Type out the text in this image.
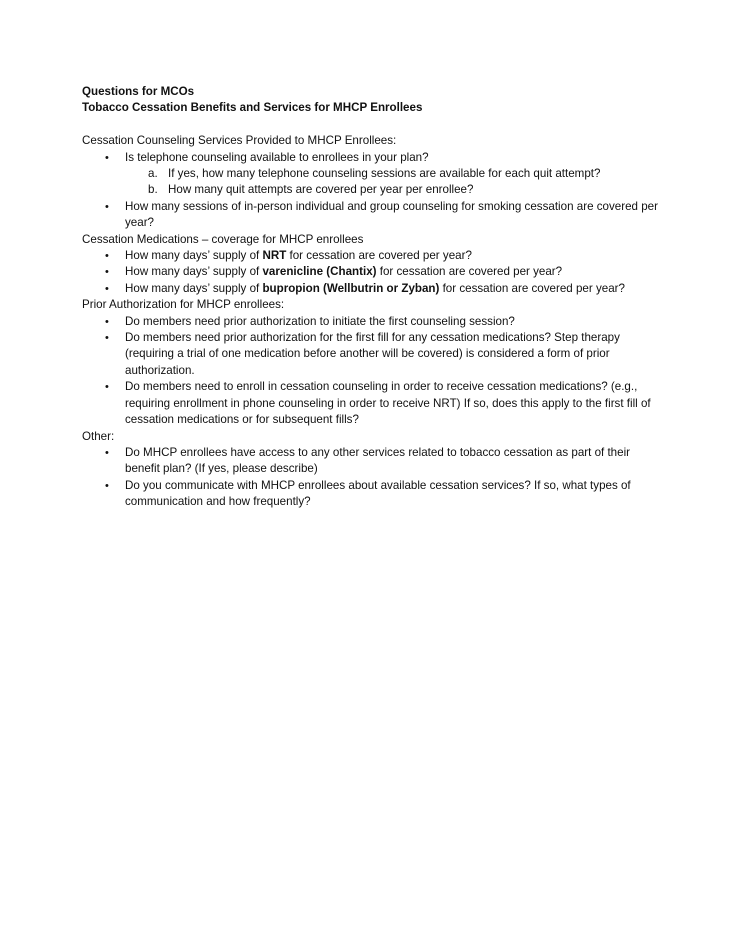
Questions for MCOs
Tobacco Cessation Benefits and Services for MHCP Enrollees
Cessation Counseling Services Provided to MHCP Enrollees:
• Is telephone counseling available to enrollees in your plan?
a. If yes, how many telephone counseling sessions are available for each quit attempt?
b. How many quit attempts are covered per year per enrollee?
• How many sessions of in-person individual and group counseling for smoking cessation are covered per year?
Cessation Medications – coverage for MHCP enrollees
• How many days’ supply of NRT for cessation are covered per year?
• How many days’ supply of varenicline (Chantix) for cessation are covered per year?
• How many days’ supply of bupropion (Wellbutrin or Zyban) for cessation are covered per year?
Prior Authorization for MHCP enrollees:
• Do members need prior authorization to initiate the first counseling session?
• Do members need prior authorization for the first fill for any cessation medications? Step therapy (requiring a trial of one medication before another will be covered) is considered a form of prior authorization.
• Do members need to enroll in cessation counseling in order to receive cessation medications? (e.g., requiring enrollment in phone counseling in order to receive NRT) If so, does this apply to the first fill of cessation medications or for subsequent fills?
Other:
• Do MHCP enrollees have access to any other services related to tobacco cessation as part of their benefit plan? (If yes, please describe)
• Do you communicate with MHCP enrollees about available cessation services? If so, what types of communication and how frequently?
